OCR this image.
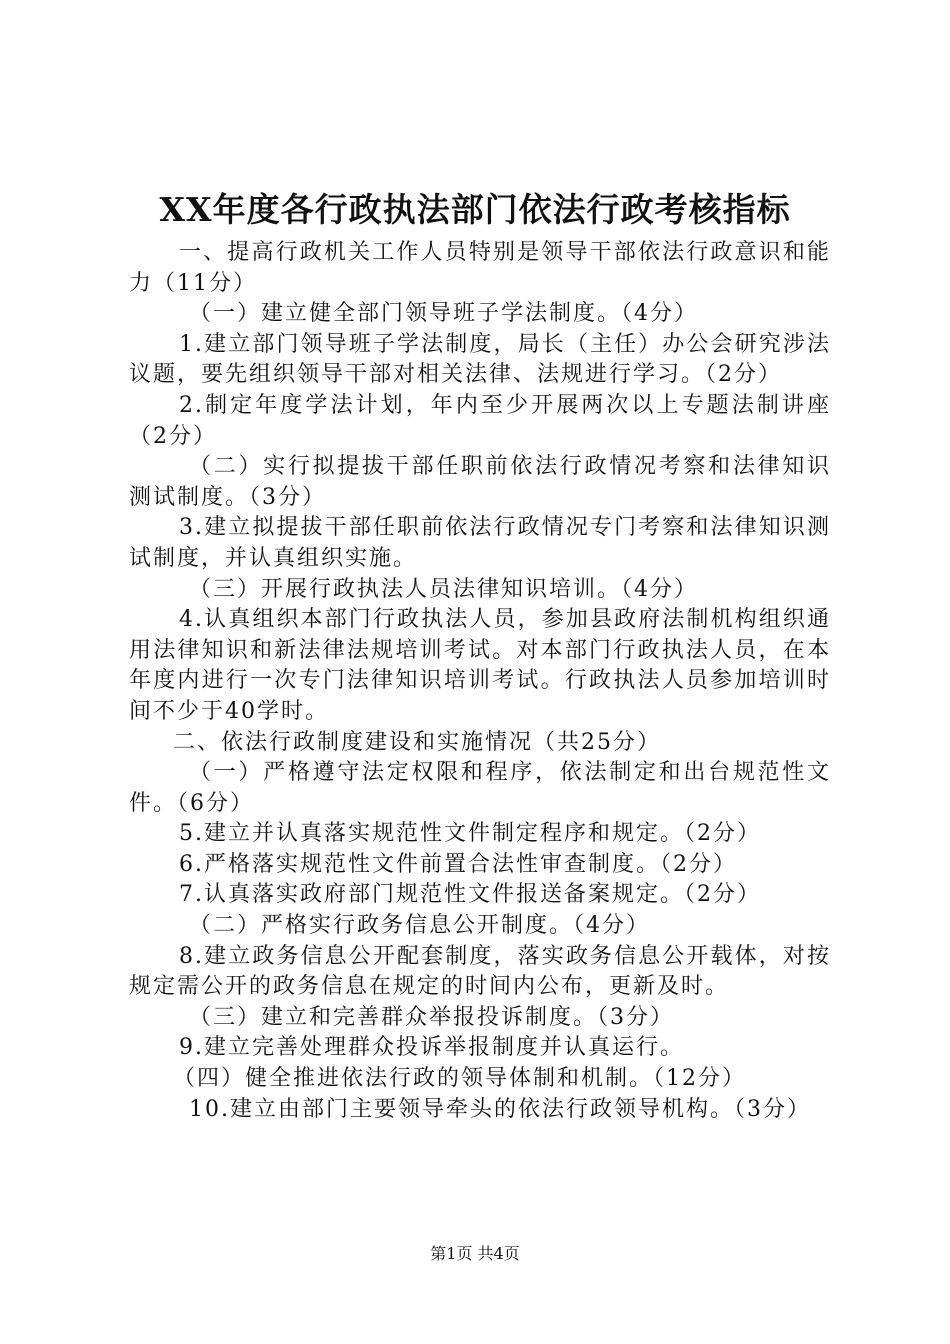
XX年度各行政执法部门依法行政考核指标

一、提高行政机关工作人员特别是领导干部依法行政意识和能力（11分）

（一）建立健全部门领导班子学法制度。（4分）

1.建立部门领导班子学法制度，局长（主任）办公会研究涉法议题，要先组织领导干部对相关法律、法规进行学习。（2分）

2.制定年度学法计划，年内至少开展两次以上专题法制讲座（2分）

（二）实行拟提拔干部任职前依法行政情况考察和法律知识测试制度。（3分）

3.建立拟提拔干部任职前依法行政情况专门考察和法律知识测试制度，并认真组织实施。

（三）开展行政执法人员法律知识培训。（4分）

4.认真组织本部门行政执法人员，参加县政府法制机构组织通用法律知识和新法律法规培训考试。对本部门行政执法人员，在本年度内进行一次专门法律知识培训考试。行政执法人员参加培训时间不少于40学时。

二、依法行政制度建设和实施情况（共25分）

（一）严格遵守法定权限和程序，依法制定和出台规范性文件。（6分）

5.建立并认真落实规范性文件制定程序和规定。（2分）

6.严格落实规范性文件前置合法性审查制度。（2分）

7.认真落实政府部门规范性文件报送备案规定。（2分）

（二）严格实行政务信息公开制度。（4分）

8.建立政务信息公开配套制度，落实政务信息公开载体，对按规定需公开的政务信息在规定的时间内公布，更新及时。

（三）建立和完善群众举报投诉制度。（3分）

9.建立完善处理群众投诉举报制度并认真运行。

（四）健全推进依法行政的领导体制和机制。（12分）

10.建立由部门主要领导牵头的依法行政领导机构。（3分）

第1页 共4页
